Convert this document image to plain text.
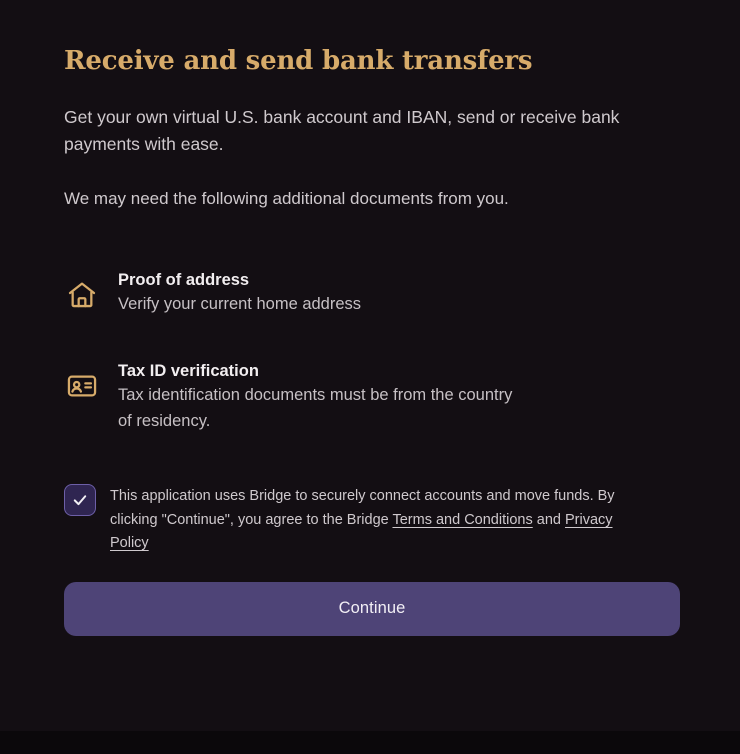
Receive and send bank transfers

Get your own virtual U.S. bank account and IBAN, send or receive bank payments with ease.

We may need the following additional documents from you.

Proof of address

Verify your current home address

Tax ID verification

Tax identification documents must be from the country of residency.

This application uses Bridge to securely connect accounts and move funds. By clicking "Continue", you agree to the Bridge Terms and Conditions and Privacy Policy
Continue
